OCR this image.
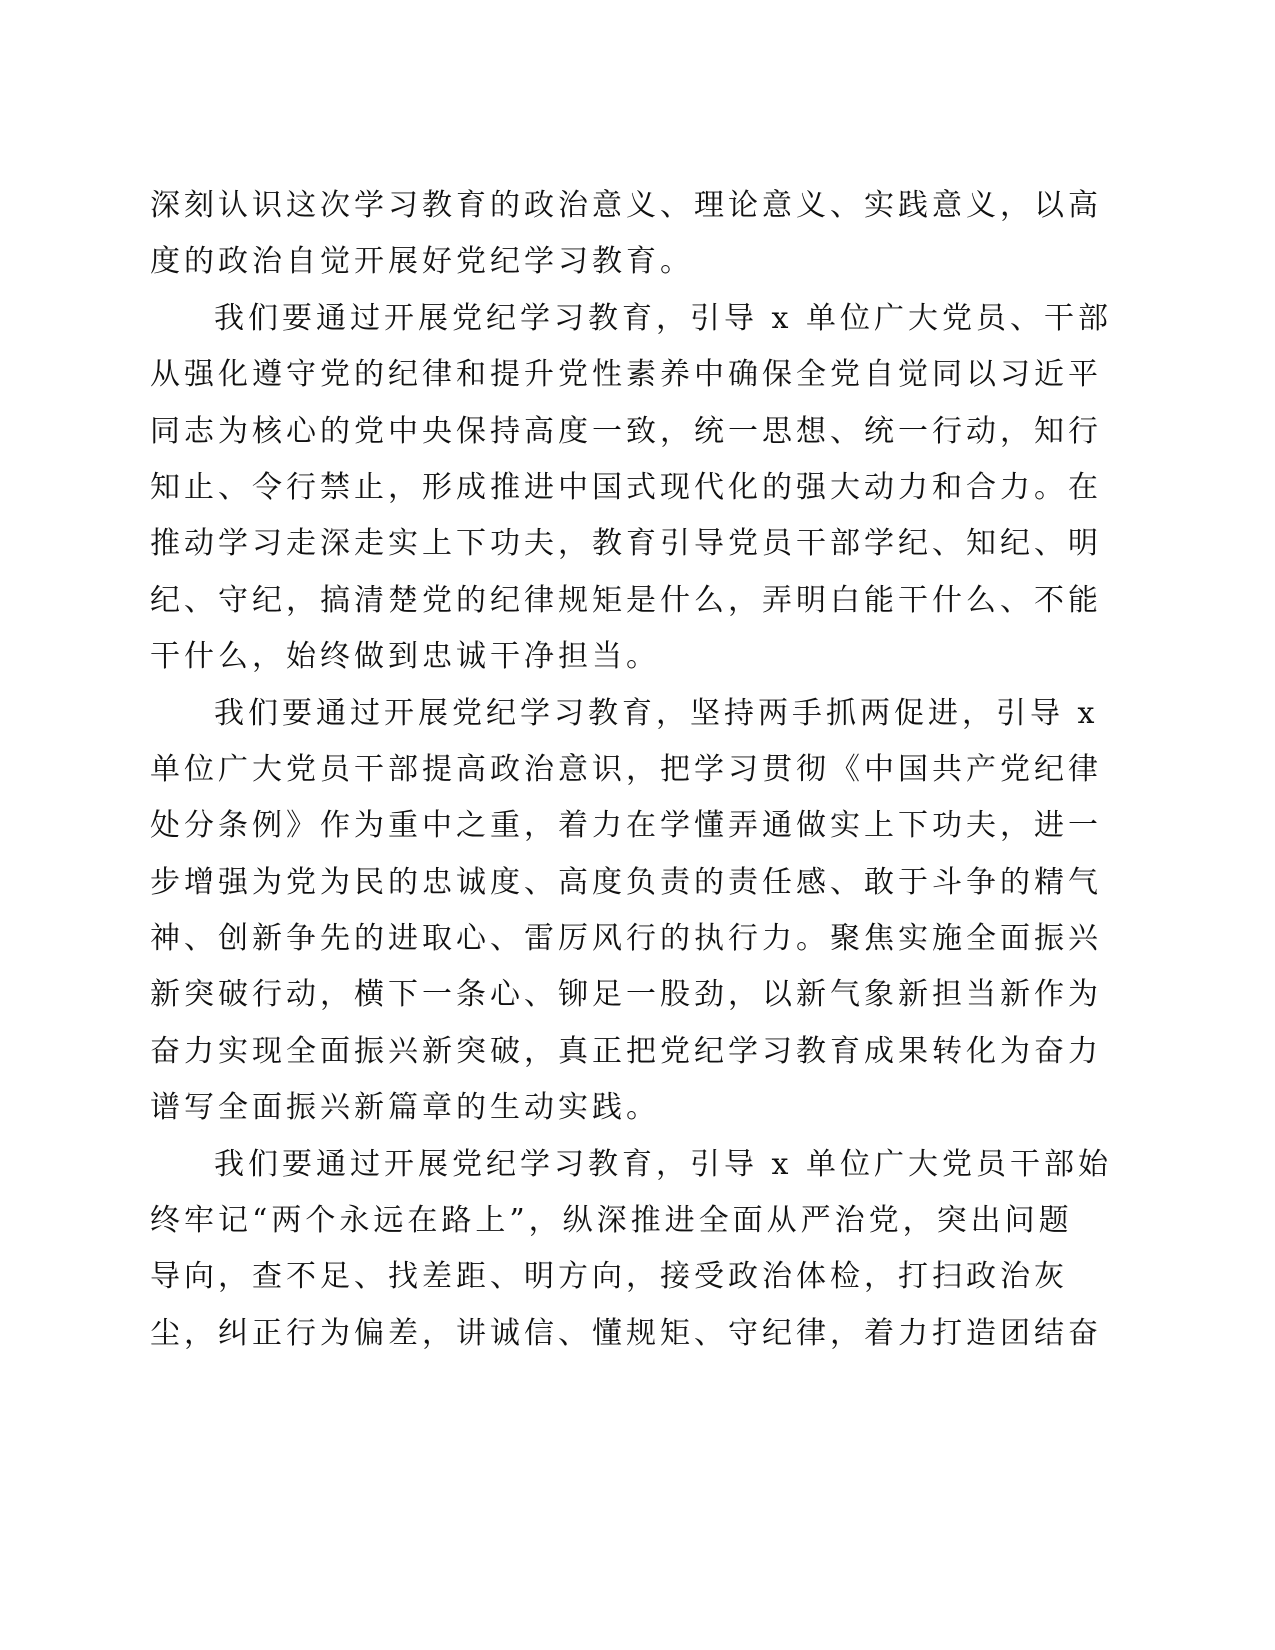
深刻认识这次学习教育的政治意义、理论意义、实践意义，以高
度的政治自觉开展好党纪学习教育。
我们要通过开展党纪学习教育，引导 x 单位广大党员、干部
从强化遵守党的纪律和提升党性素养中确保全党自觉同以习近平
同志为核心的党中央保持高度一致，统一思想、统一行动，知行
知止、令行禁止，形成推进中国式现代化的强大动力和合力。在
推动学习走深走实上下功夫，教育引导党员干部学纪、知纪、明
纪、守纪，搞清楚党的纪律规矩是什么，弄明白能干什么、不能
干什么，始终做到忠诚干净担当。
我们要通过开展党纪学习教育，坚持两手抓两促进，引导 x
单位广大党员干部提高政治意识，把学习贯彻《中国共产党纪律
处分条例》作为重中之重，着力在学懂弄通做实上下功夫，进一
步增强为党为民的忠诚度、高度负责的责任感、敢于斗争的精气
神、创新争先的进取心、雷厉风行的执行力。聚焦实施全面振兴
新突破行动，横下一条心、铆足一股劲，以新气象新担当新作为
奋力实现全面振兴新突破，真正把党纪学习教育成果转化为奋力
谱写全面振兴新篇章的生动实践。
我们要通过开展党纪学习教育，引导 x 单位广大党员干部始
终牢记“两个永远在路上”，纵深推进全面从严治党，突出问题
导向，查不足、找差距、明方向，接受政治体检，打扫政治灰
尘，纠正行为偏差，讲诚信、懂规矩、守纪律，着力打造团结奋
